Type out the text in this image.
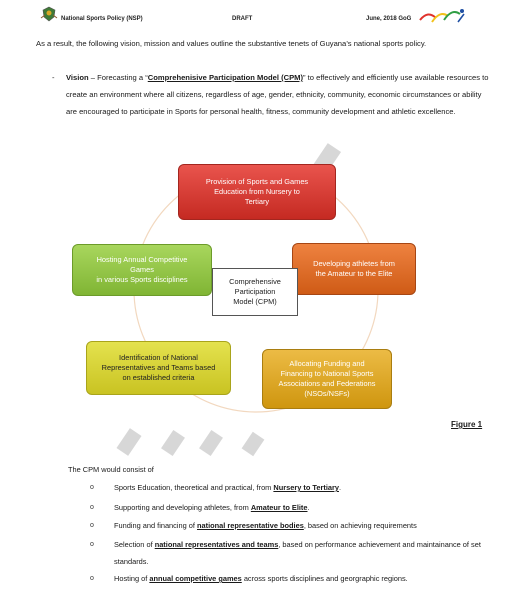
National Sports Policy (NSP)	DRAFT	June, 2018 GoG
As a result, the following vision, mission and values outline the substantive tenets of Guyana’s national sports policy.
- Vision – Forecasting a “Comprehenisive Participation Model (CPM)” to effectively and efficiently use available resources to create an environment where all citizens, regardless of age, gender, ethnicity, community, economic circumstances or ability are encouraged to participate in Sports for personal health, fitness, community development and athletic excellence.
Provision of Sports and Games
Education from Nursery to
Tertiary
Developing athletes from
the Amateur to the Elite
Allocating Funding and
Financing to National Sports
Associations and Federations
(NSOs/NSFs)
Identification of National
Representatives and Teams based
on established criteria
Hosting Annual Competitive
Games
in various Sports disciplines	Comprehensive
Participation
Model (CPM)
Figure 1
The CPM would consist of
o	Sports Education, theoretical and practical, from Nursery to Tertiary.
o	Supporting and developing athletes, from Amateur to Elite.
o	Funding and financing of national representative bodies, based on achieving requirements
o	Selection of national representatives and teams, based on performance achievement and maintainance of set standards.
o	Hosting of annual competitive games across sports disciplines and georgraphic regions.
